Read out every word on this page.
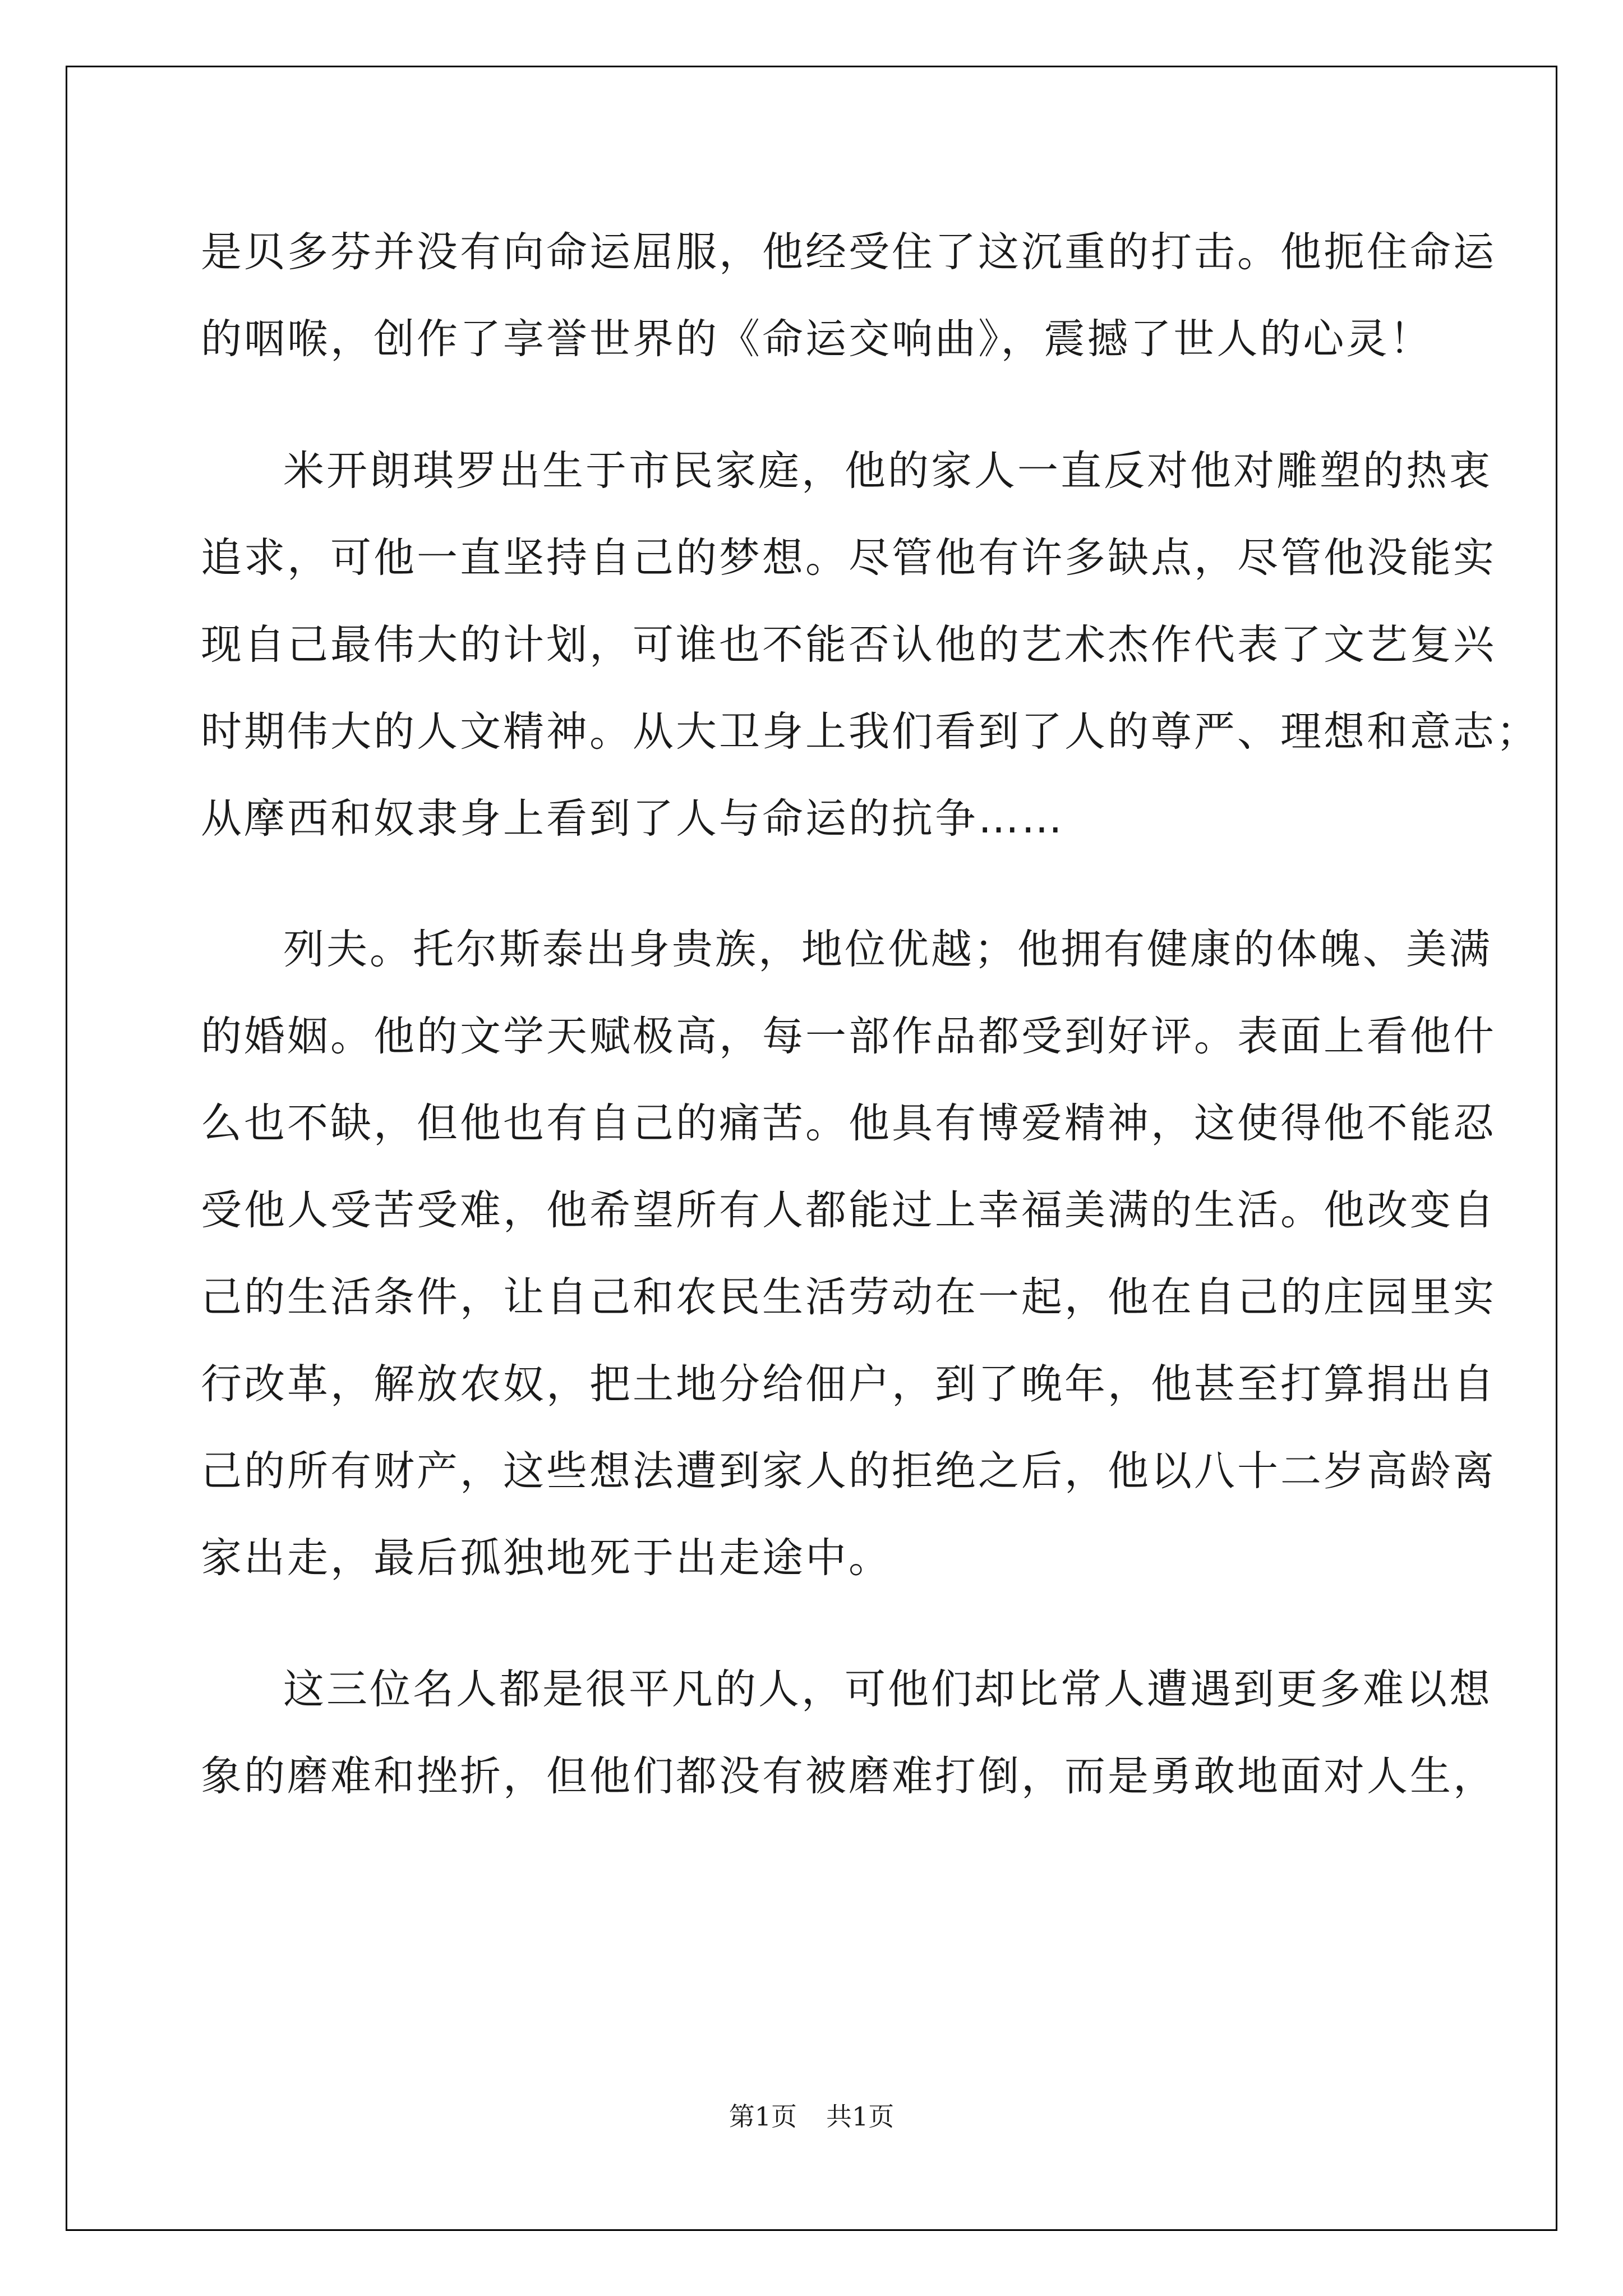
是贝多芬并没有向命运屈服，他经受住了这沉重的打击。他扼住命运
的咽喉，创作了享誉世界的《命运交响曲》，震撼了世人的心灵！
米开朗琪罗出生于市民家庭，他的家人一直反对他对雕塑的热衷
追求，可他一直坚持自己的梦想。尽管他有许多缺点，尽管他没能实
现自己最伟大的计划，可谁也不能否认他的艺术杰作代表了文艺复兴
时期伟大的人文精神。从大卫身上我们看到了人的尊严、理想和意志；
从摩西和奴隶身上看到了人与命运的抗争……
列夫。托尔斯泰出身贵族，地位优越；他拥有健康的体魄、美满
的婚姻。他的文学天赋极高，每一部作品都受到好评。表面上看他什
么也不缺，但他也有自己的痛苦。他具有博爱精神，这使得他不能忍
受他人受苦受难，他希望所有人都能过上幸福美满的生活。他改变自
己的生活条件，让自己和农民生活劳动在一起，他在自己的庄园里实
行改革，解放农奴，把土地分给佃户，到了晚年，他甚至打算捐出自
己的所有财产，这些想法遭到家人的拒绝之后，他以八十二岁高龄离
家出走，最后孤独地死于出走途中。
这三位名人都是很平凡的人，可他们却比常人遭遇到更多难以想
象的磨难和挫折，但他们都没有被磨难打倒，而是勇敢地面对人生，
第1页 共1页
